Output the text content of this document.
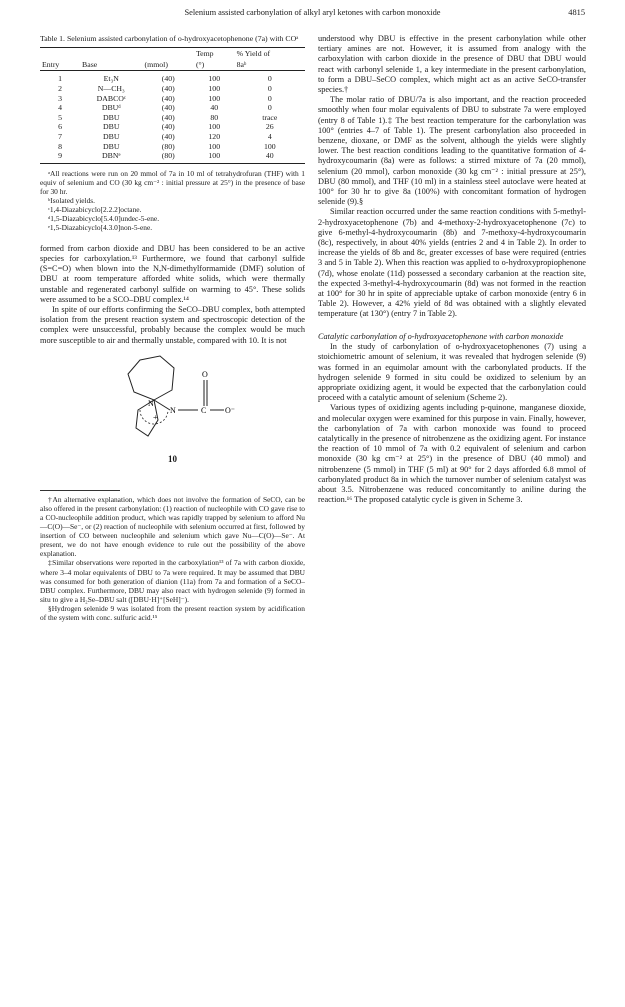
Selenium assisted carbonylation of alkyl aryl ketones with carbon monoxide	4815
Table 1. Selenium assisted carbonylation of o-hydroxyacetophenone (7a) with COᵃ
			Temp	% Yield of
Entry	Base	(mmol)	(°)	8aᵇ
1	Et₃N	(40)	100	0
2	N—CH₃	(40)	100	0
3	DABCOᶜ	(40)	100	0
4	DBUᵈ	(40)	40	0
5	DBU	(40)	80	trace
6	DBU	(40)	100	26
7	DBU	(40)	120	4
8	DBU	(80)	100	100
9	DBNᵉ	(80)	100	40
ᵃAll reactions were run on 20 mmol of 7a in 10 ml of tetrahydrofuran (THF) with 1 equiv of selenium and CO (30 kg cm⁻² : initial pressure at 25°) in the presence of base for 30 hr.
ᵇIsolated yields.
ᶜ1,4-Diazabicyclo[2.2.2]octane.
ᵈ1,5-Diazabicyclo[5.4.0]undec-5-ene.
ᵉ1,5-Diazabicyclo[4.3.0]non-5-ene.

formed from carbon dioxide and DBU has been considered to be an active species for carboxylation.¹³ Furthermore, we found that carbonyl sulfide (S=C=O) when blown into the N,N-dimethylformamide (DMF) solution of DBU at room temperature afforded white solids, which were thermally unstable and regenerated carbonyl sulfide on warming to 45°. These solids were assumed to be a SCO–DBU complex.¹⁴

In spite of our efforts confirming the SeCO–DBU complex, both attempted isolation from the present reaction system and spectroscopic detection of the complex were unsuccessful, probably because the complex would be much more susceptible to air and thermally unstable, compared with 10. It is not

N
N
+
C
O
O⁻
10
†An alternative explanation, which does not involve the formation of SeCO, can be also offered in the present carbonylation: (1) reaction of nucleophile with CO gave rise to a CO-nucleophile addition product, which was rapidly trapped by selenium to afford Nu—C(O)—Se⁻, or (2) reaction of nucleophile with selenium occurred at first, followed by insertion of CO between nucleophile and selenium which gave Nu—C(O)—Se⁻. At present, we do not have enough evidence to rule out the possibility of the above explanation.
‡Similar observations were reported in the carboxylation¹³ of 7a with carbon dioxide, where 3–4 molar equivalents of DBU to 7a were required. It may be assumed that DBU was consumed for both generation of dianion (11a) from 7a and formation of a SeCO–DBU complex. Furthermore, DBU may also react with hydrogen selenide (9) formed in situ to give a H₂Se–DBU salt ([DBU·H]⁺[SeH]⁻).
§Hydrogen selenide 9 was isolated from the present reaction system by acidification of the system with conc. sulfuric acid.¹⁵

understood why DBU is effective in the present carbonylation while other tertiary amines are not. However, it is assumed from analogy with the carboxylation with carbon dioxide in the presence of DBU that DBU would react with carbonyl selenide 1, a key intermediate in the present carbonylation, to form a DBU–SeCO complex, which might act as an active SeCO-transfer species.†

The molar ratio of DBU/7a is also important, and the reaction proceeded smoothly when four molar equivalents of DBU to substrate 7a were employed (entry 8 of Table 1).‡ The best reaction temperature for the carbonylation was 100° (entries 4–7 of Table 1). The present carbonylation also proceeded in benzene, dioxane, or DMF as the solvent, although the yields were slightly lower. The best reaction conditions leading to the quantitative formation of 4-hydroxycoumarin (8a) were as follows: a stirred mixture of 7a (20 mmol), selenium (20 mmol), carbon monoxide (30 kg cm⁻² : initial pressure at 25°), DBU (80 mmol), and THF (10 ml) in a stainless steel autoclave were heated at 100° for 30 hr to give 8a (100%) with concomitant formation of hydrogen selenide (9).§

Similar reaction occurred under the same reaction conditions with 5-methyl-2-hydroxyacetophenone (7b) and 4-methoxy-2-hydroxyacetophenone (7c) to give 6-methyl-4-hydroxycoumarin (8b) and 7-methoxy-4-hydroxycoumarin (8c), respectively, in about 40% yields (entries 2 and 4 in Table 2). In order to increase the yields of 8b and 8c, greater excesses of base were required (entries 3 and 5 in Table 2). When this reaction was applied to o-hydroxypropiophenone (7d), whose enolate (11d) possessed a secondary carbanion at the reaction site, the expected 3-methyl-4-hydroxycoumarin (8d) was not formed in the reaction at 100° for 30 hr in spite of appreciable uptake of carbon monoxide (entry 6 in Table 2). However, a 42% yield of 8d was obtained with a slightly elevated temperature (at 130°) (entry 7 in Table 2).

Catalytic carbonylation of o-hydroxyacetophenone with carbon monoxide

In the study of carbonylation of o-hydroxyacetophenones (7) using a stoichiometric amount of selenium, it was revealed that hydrogen selenide (9) was formed in an equimolar amount with the carbonylated products. If the hydrogen selenide 9 formed in situ could be oxidized to selenium by an appropriate oxidizing agent, it would be expected that the carbonylation could proceed with a catalytic amount of selenium (Scheme 2).

Various types of oxidizing agents including p-quinone, manganese dioxide, and molecular oxygen were examined for this purpose in vain. Finally, however, the carbonylation of 7a with carbon monoxide was found to proceed catalytically in the presence of nitrobenzene as the oxidizing agent. For instance the reaction of 10 mmol of 7a with 0.2 equivalent of selenium and carbon monoxide (30 kg cm⁻² at 25°) in the presence of DBU (40 mmol) and nitrobenzene (5 mmol) in THF (5 ml) at 90° for 2 days afforded 6.8 mmol of carbonylated product 8a in which the turnover number of selenium catalyst was about 3.5. Nitrobenzene was reduced concomitantly to aniline during the reaction.¹⁶ The proposed catalytic cycle is given in Scheme 3.
